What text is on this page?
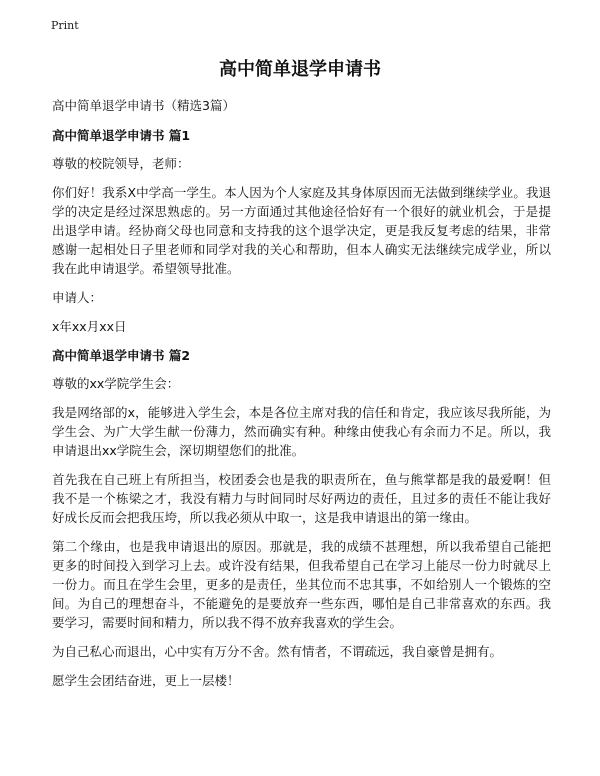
Print
高中简单退学申请书

高中简单退学申请书（精选3篇）

高中简单退学申请书 篇1

尊敬的校院领导，老师：

你们好！我系X中学高一学生。本人因为个人家庭及其身体原因而无法做到继续学业。我退学的决定是经过深思熟虑的。另一方面通过其他途径恰好有一个很好的就业机会，于是提出退学申请。经协商父母也同意和支持我的这个退学决定，更是我反复考虑的结果，非常感谢一起相处日子里老师和同学对我的关心和帮助，但本人确实无法继续完成学业，所以我在此申请退学。希望领导批准。

申请人：

x年xx月xx日

高中简单退学申请书 篇2

尊敬的xx学院学生会：

我是网络部的x，能够进入学生会，本是各位主席对我的信任和肯定，我应该尽我所能，为学生会、为广大学生献一份薄力，然而确实有种。种缘由使我心有余而力不足。所以，我申请退出xx学院生会，深切期望您们的批准。

首先我在自己班上有所担当，校团委会也是我的职责所在，鱼与熊掌都是我的最爱啊！但我不是一个栋梁之才，我没有精力与时间同时尽好两边的责任，且过多的责任不能让我好好成长反而会把我压垮，所以我必须从中取一，这是我申请退出的第一缘由。

第二个缘由，也是我申请退出的原因。那就是，我的成绩不甚理想，所以我希望自己能把更多的时间投入到学习上去。或许没有结果，但我希望自己在学习上能尽一份力时就尽上一份力。而且在学生会里，更多的是责任，坐其位而不忠其事，不如给别人一个锻炼的空间。为自己的理想奋斗，不能避免的是要放弃一些东西，哪怕是自己非常喜欢的东西。我要学习，需要时间和精力，所以我不得不放弃我喜欢的学生会。

为自己私心而退出，心中实有万分不舍。然有情者，不谓疏远，我自豪曾是拥有。

愿学生会团结奋进，更上一层楼！
